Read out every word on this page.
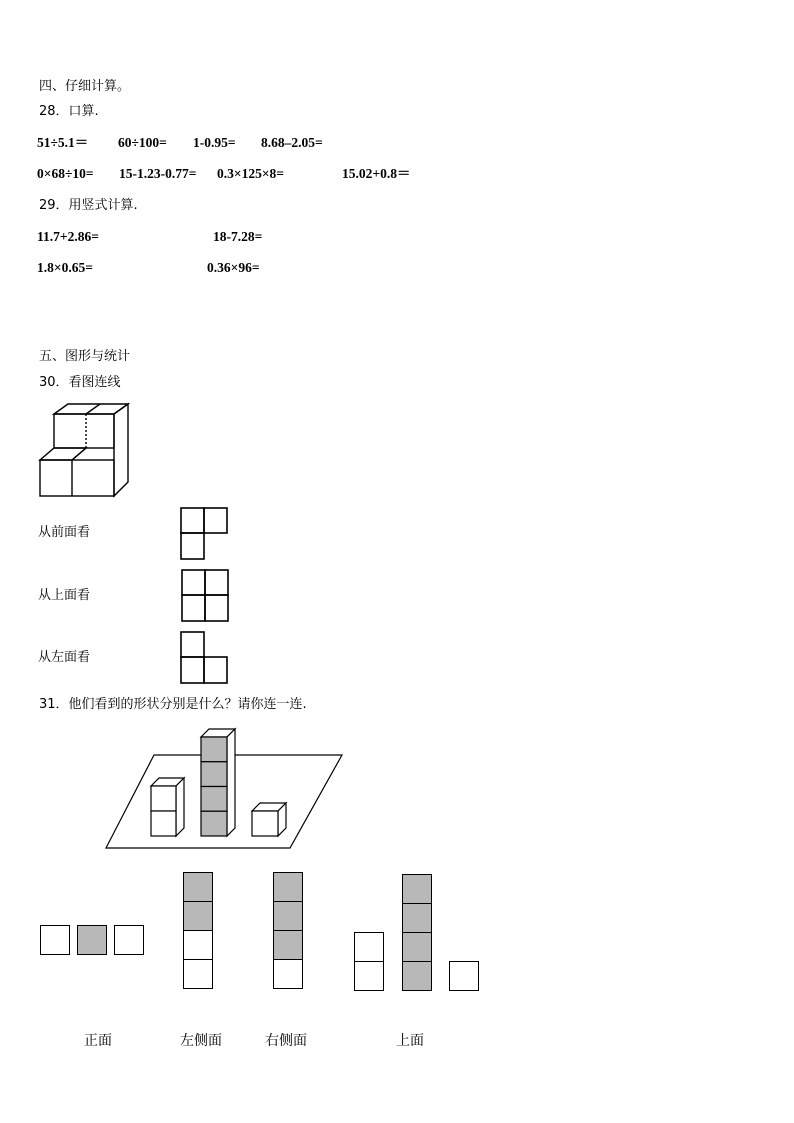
四、仔细计算。
28．口算.
51÷5.1＝ 60÷100= 1-0.95= 8.68–2.05=
0×68÷10= 15-1.23-0.77= 0.3×125×8=	15.02+0.8＝
29．用竖式计算.
11.7+2.86=	18-7.28=
1.8×0.65=	0.36×96=
五、图形与统计
30．看图连线
从前面看
从上面看
从左面看
31．他们看到的形状分别是什么？请你连一连.
正面	左侧面	右侧面	上面
